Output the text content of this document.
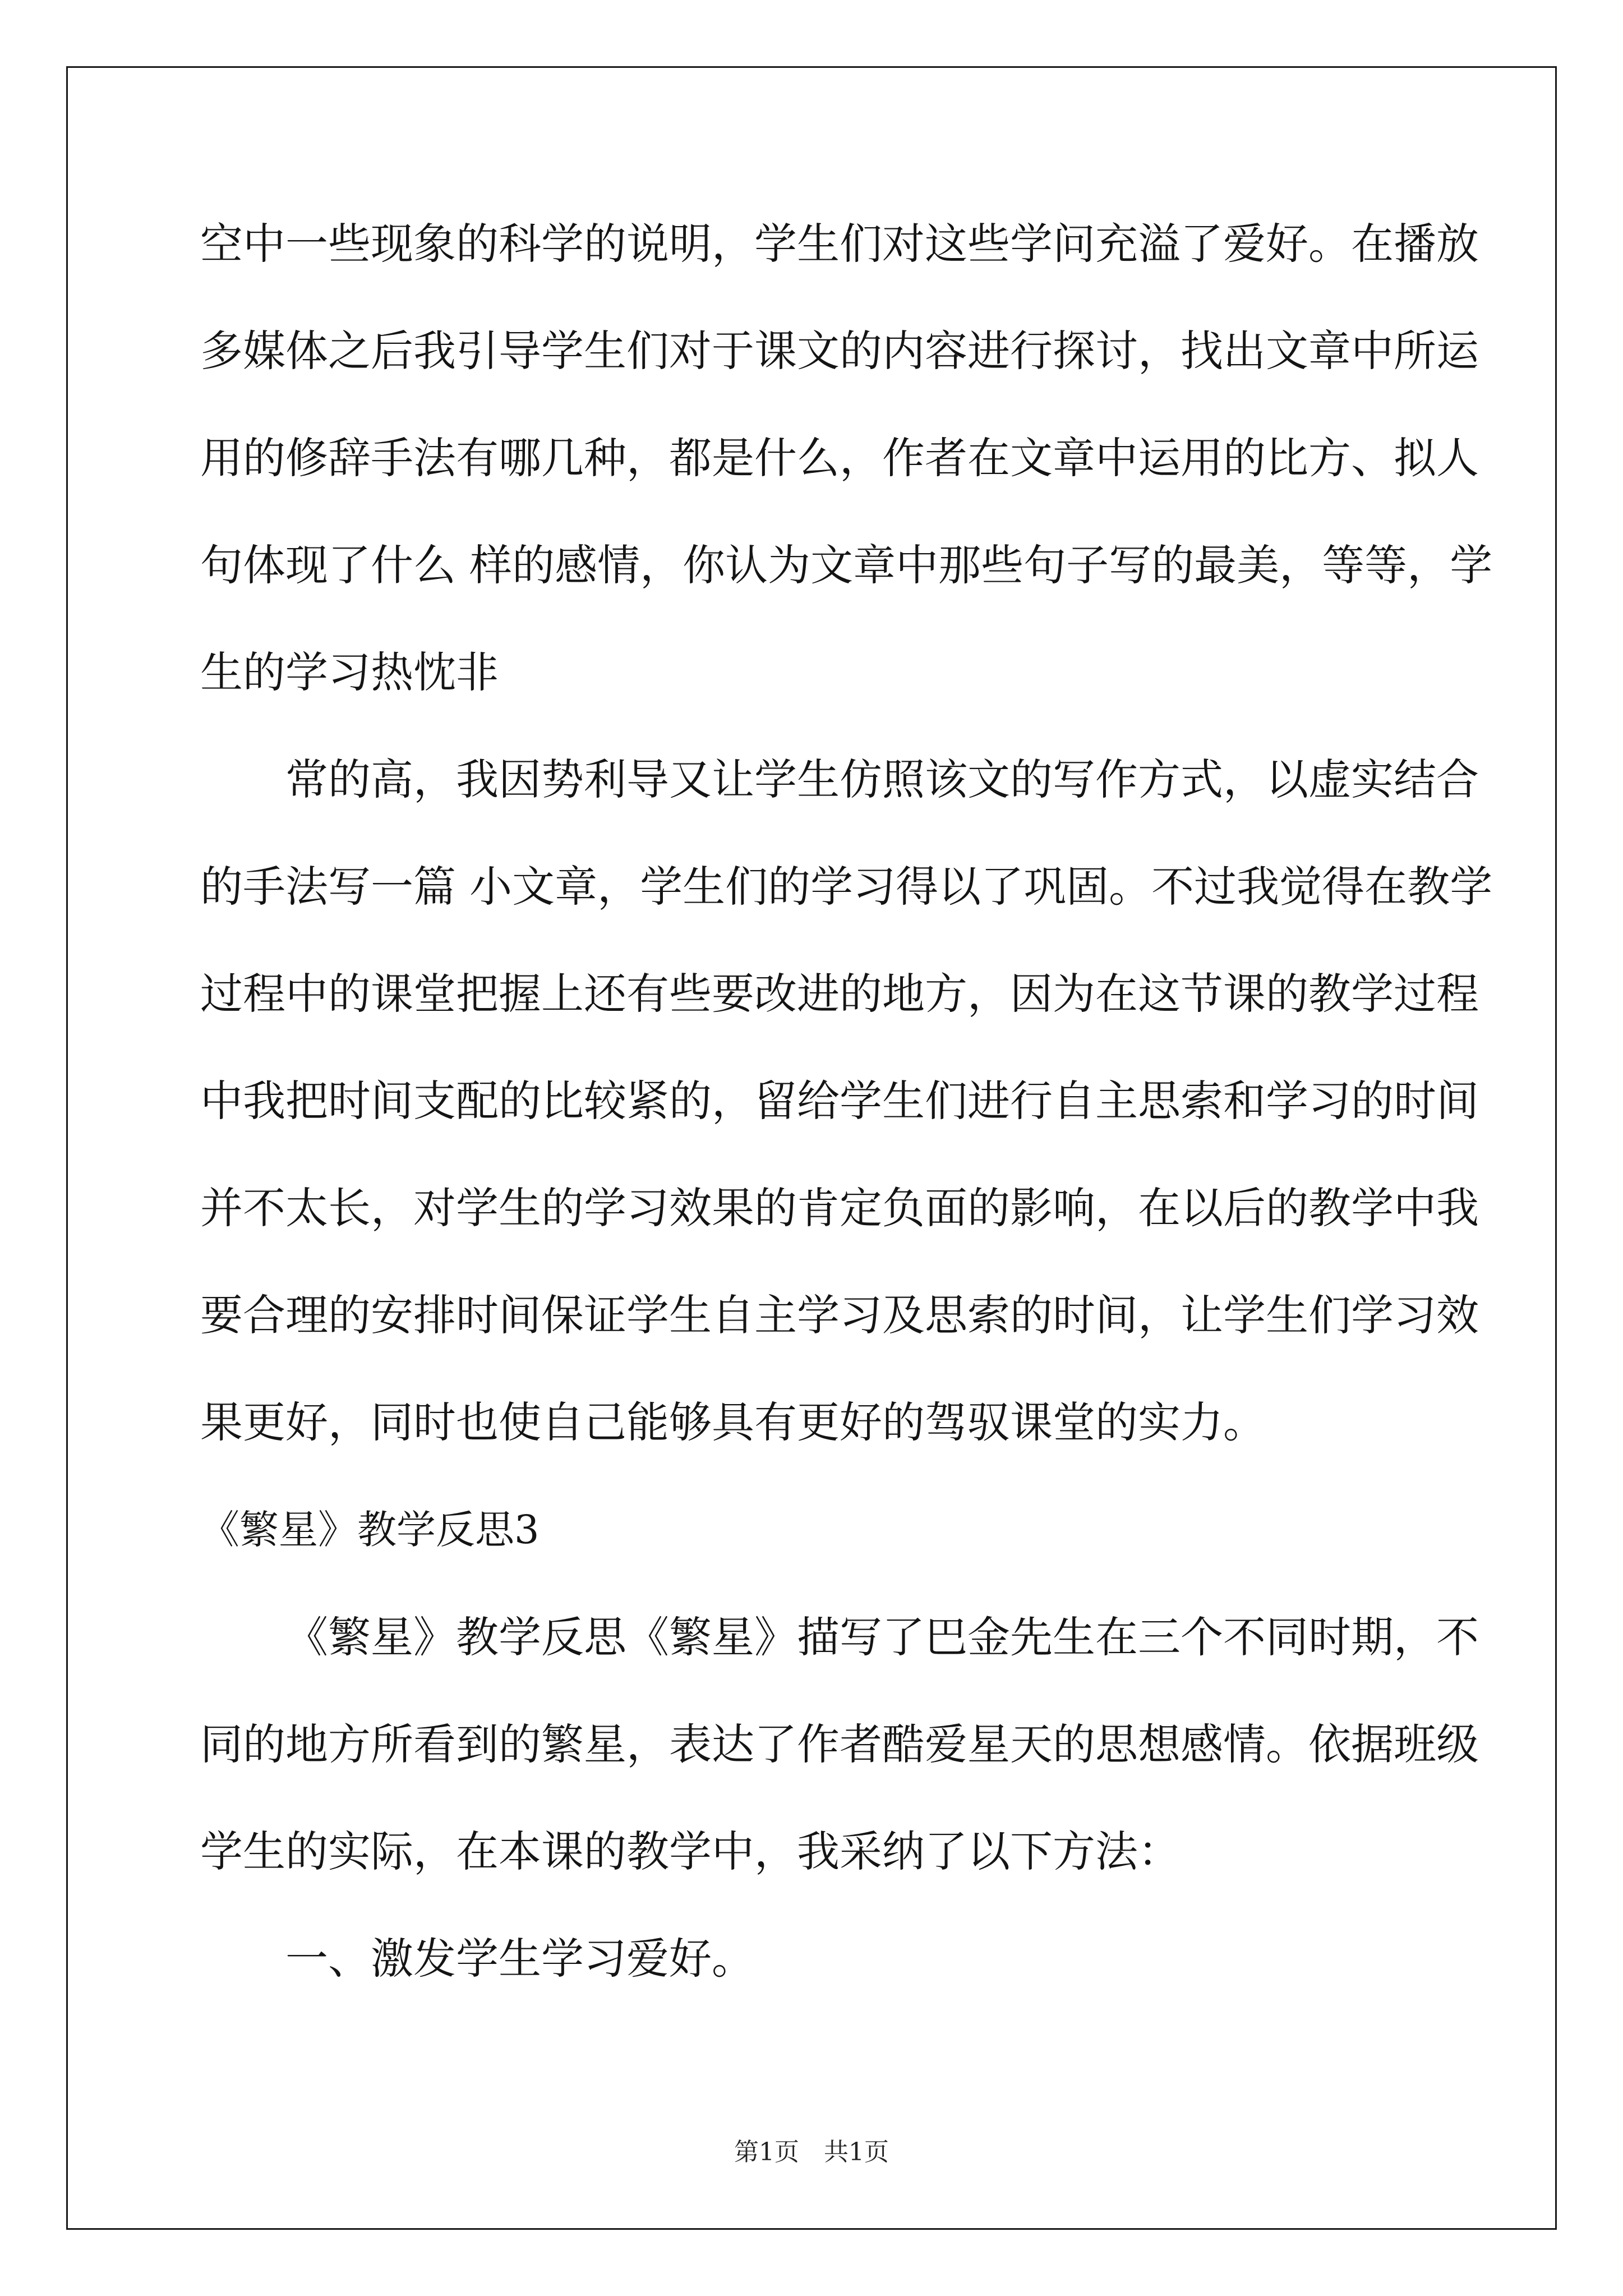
空中一些现象的科学的说明，学生们对这些学问充溢了爱好。在播放
多媒体之后我引导学生们对于课文的内容进行探讨，找出文章中所运
用的修辞手法有哪几种，都是什么，作者在文章中运用的比方、拟人
句体现了什么 样的感情，你认为文章中那些句子写的最美，等等，学
生的学习热忱非
常的高，我因势利导又让学生仿照该文的写作方式，以虚实结合
的手法写一篇 小文章，学生们的学习得以了巩固。不过我觉得在教学
过程中的课堂把握上还有些要改进的地方，因为在这节课的教学过程
中我把时间支配的比较紧的，留给学生们进行自主思索和学习的时间
并不太长，对学生的学习效果的肯定负面的影响，在以后的教学中我
要合理的安排时间保证学生自主学习及思索的时间，让学生们学习效
果更好，同时也使自己能够具有更好的驾驭课堂的实力。
《繁星》教学反思3
《繁星》教学反思《繁星》描写了巴金先生在三个不同时期，不
同的地方所看到的繁星，表达了作者酷爱星天的思想感情。依据班级
学生的实际，在本课的教学中，我采纳了以下方法：
一、激发学生学习爱好。
第1页　共1页
